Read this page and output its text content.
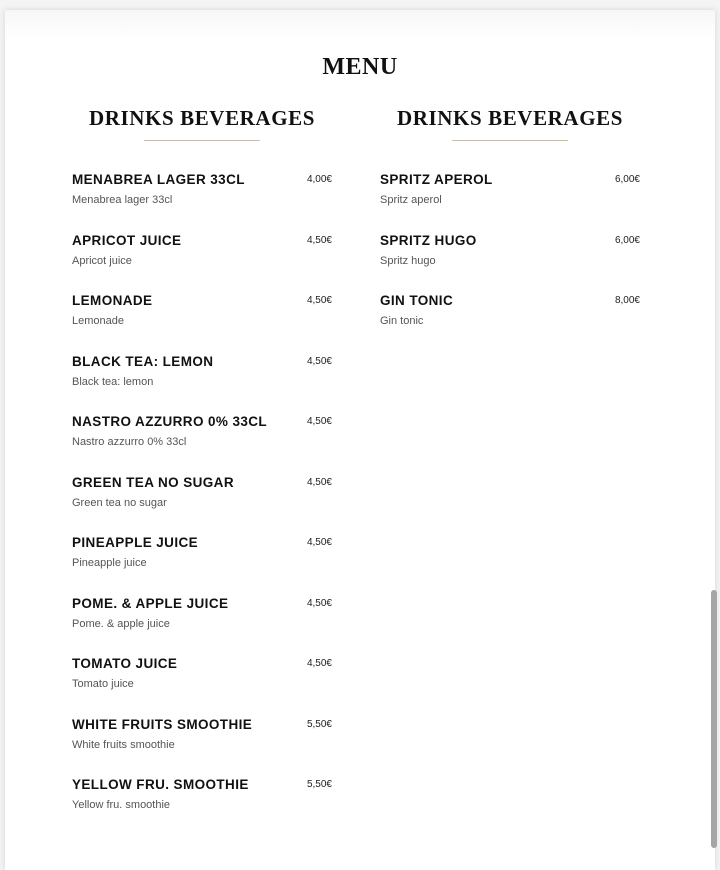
MENU
DRINKS BEVERAGES
MENABREA LAGER 33CL	4,00€
Menabrea lager 33cl
APRICOT JUICE	4,50€
Apricot juice
LEMONADE	4,50€
Lemonade
BLACK TEA: LEMON	4,50€
Black tea: lemon
NASTRO AZZURRO 0% 33CL	4,50€
Nastro azzurro 0% 33cl
GREEN TEA NO SUGAR	4,50€
Green tea no sugar
PINEAPPLE JUICE	4,50€
Pineapple juice
POME. & APPLE JUICE	4,50€
Pome. & apple juice
TOMATO JUICE	4,50€
Tomato juice
WHITE FRUITS SMOOTHIE	5,50€
White fruits smoothie
YELLOW FRU. SMOOTHIE	5,50€
Yellow fru. smoothie
DRINKS BEVERAGES
SPRITZ APEROL	6,00€
Spritz aperol
SPRITZ HUGO	6,00€
Spritz hugo
GIN TONIC	8,00€
Gin tonic
